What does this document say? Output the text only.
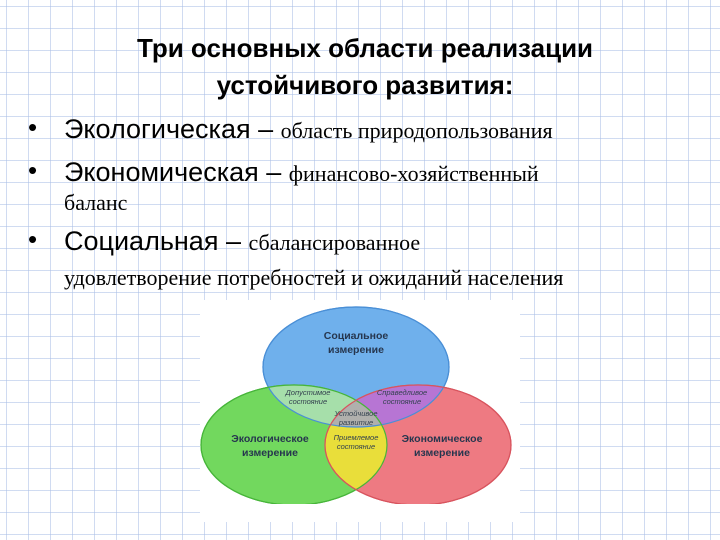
Три основных области реализации
устойчивого развития:

• Экологическая – область природопользования

• Экономическая – финансово-хозяйственный
баланс

• Социальная – сбалансированное
удовлетворение потребностей и ожиданий населения

Социальное
измерение
Экологическое
измерение
Экономическое
измерение
Допустимое
состояние
Справедливое
состояние
Устойчивое
развитие
Приемлемое
состояние
